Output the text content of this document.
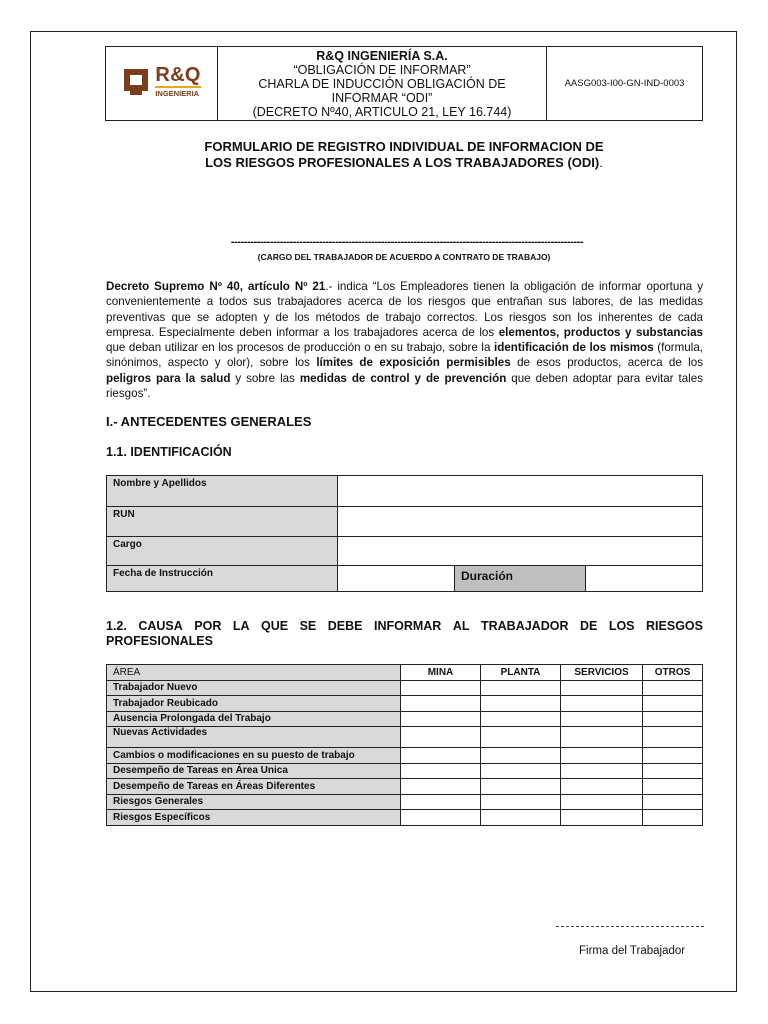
R&Q
INGENIERIA

R&Q INGENIERÍA S.A.
“OBLIGACIÓN DE INFORMAR”
CHARLA DE INDUCCIÓN OBLIGACIÓN DE
INFORMAR “ODI”
(DECRETO Nº40, ARTICULO 21, LEY 16.744)
	AASG003-I00-GN-IND-0003
FORMULARIO DE REGISTRO INDIVIDUAL DE INFORMACION DE
LOS RIESGOS PROFESIONALES A LOS TRABAJADORES (ODI).
------------------------------------------------------------------------------------------------------------
(CARGO DEL TRABAJADOR DE ACUERDO A CONTRATO DE TRABAJO)
Decreto Supremo Nº 40, artículo Nº 21.- indica “Los Empleadores tienen la obligación de informar oportuna y convenientemente a todos sus trabajadores acerca de los riesgos que entrañan sus labores, de las medidas preventivas que se adopten y de los métodos de trabajo correctos. Los riesgos son los inherentes de cada empresa. Especialmente deben informar a los trabajadores acerca de los elementos, productos y substancias que deban utilizar en los procesos de producción o en su trabajo, sobre la identificación de los mismos (formula, sinónimos, aspecto y olor), sobre los límites de exposición permisibles de esos productos, acerca de los peligros para la salud y sobre las medidas de control y de prevención que deben adoptar para evitar tales riesgos”.
I.- ANTECEDENTES GENERALES
1.1. IDENTIFICACIÓN
Nombre y Apellidos			
RUN			
Cargo			
Fecha de Instrucción		Duración	
1.2. CAUSA POR LA QUE SE DEBE INFORMAR AL TRABAJADOR DE LOS RIESGOS
PROFESIONALES
ÁREA	MINA	PLANTA	SERVICIOS	OTROS
Trabajador Nuevo				
Trabajador Reubicado				
Ausencia Prolongada del Trabajo				
Nuevas Actividades				
Cambios o modificaciones en su puesto de trabajo				
Desempeño de Tareas en Área Unica				
Desempeño de Tareas en Áreas Diferentes				
Riesgos Generales				
Riesgos Específicos				
Firma del Trabajador
